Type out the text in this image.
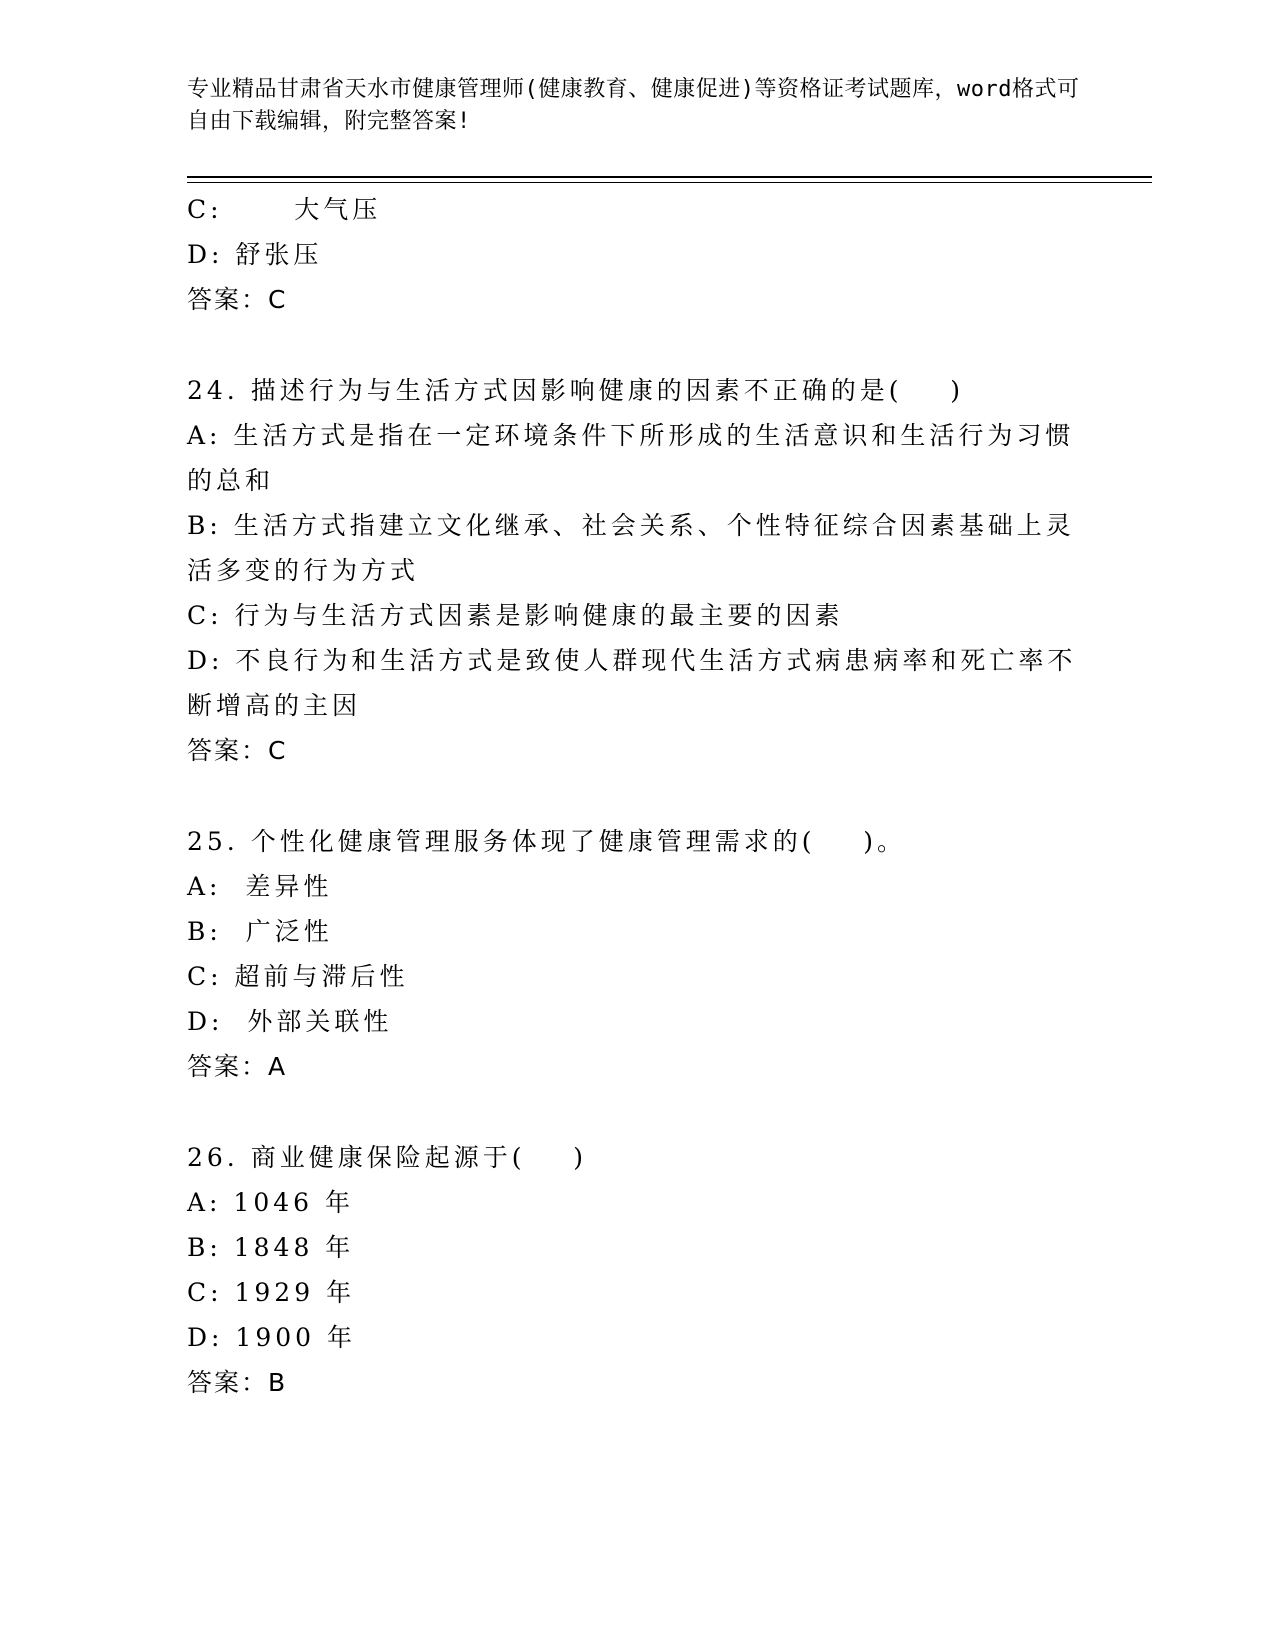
专业精品甘肃省天水市健康管理师(健康教育、健康促进)等资格证考试题库，word格式可自由下载编辑，附完整答案!

C:      大气压

D: 舒张压

答案：C

24. 描述行为与生活方式因影响健康的因素不正确的是(    )

A: 生活方式是指在一定环境条件下所形成的生活意识和生活行为习惯的总和

B: 生活方式指建立文化继承、社会关系、个性特征综合因素基础上灵活多变的行为方式

C: 行为与生活方式因素是影响健康的最主要的因素

D: 不良行为和生活方式是致使人群现代生活方式病患病率和死亡率不断增高的主因

答案：C

25. 个性化健康管理服务体现了健康管理需求的(    )。

A:  差异性

B:  广泛性

C: 超前与滞后性

D:  外部关联性

答案：A

26. 商业健康保险起源于(    )

A: 1046 年

B: 1848 年

C: 1929 年

D: 1900 年

答案：B
